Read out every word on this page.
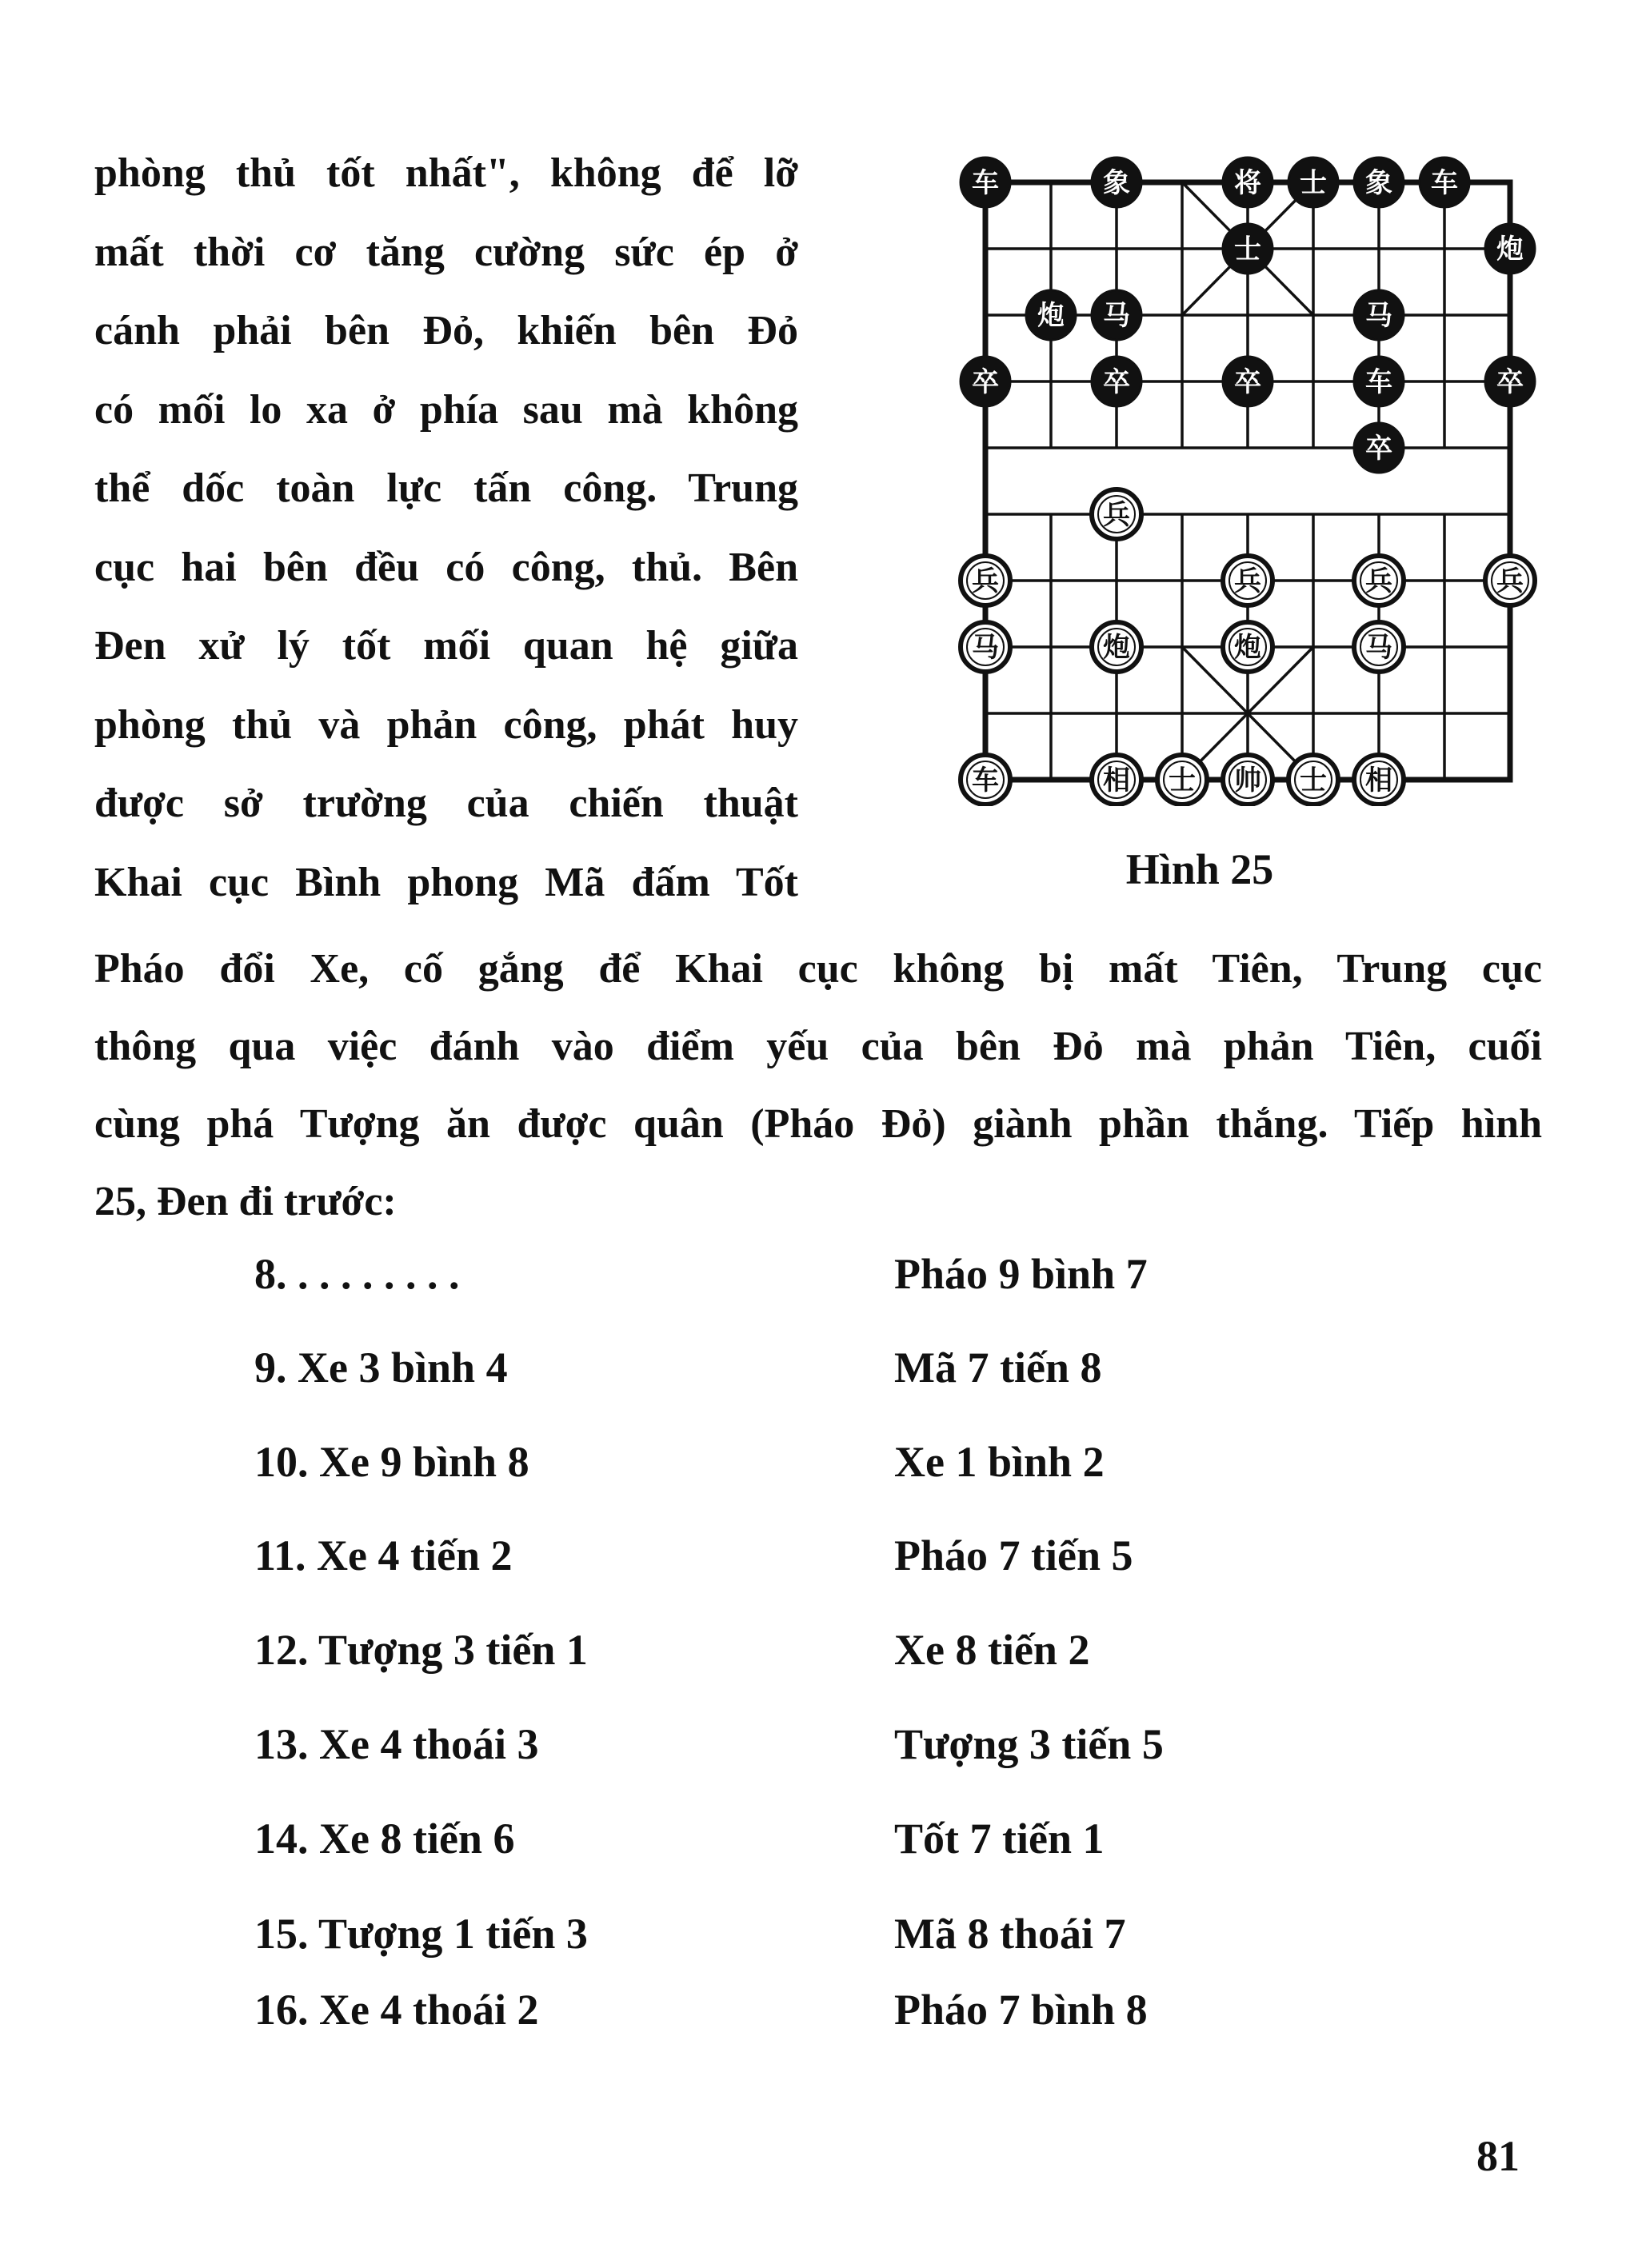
phòng thủ tốt nhất", không để lỡ
mất thời cơ tăng cường sức ép ở
cánh phải bên Đỏ, khiến bên Đỏ
có mối lo xa ở phía sau mà không
thể dốc toàn lực tấn công. Trung
cục hai bên đều có công, thủ. Bên
Đen xử lý tốt mối quan hệ giữa
phòng thủ và phản công, phát huy
được sở trường của chiến thuật
Khai cục Bình phong Mã đấm Tốt
车	象	将 士 象 车
士	炮
炮 马	马
卒	卒	卒	车	卒
卒
兵
兵	兵	兵	兵
马	炮	炮	马
车	相 士 帅 士 相
Hình 25
Pháo đổi Xe, cố gắng để Khai cục không bị mất Tiên, Trung cục
thông qua việc đánh vào điểm yếu của bên Đỏ mà phản Tiên, cuối
cùng phá Tượng ăn được quân (Pháo Đỏ) giành phần thắng. Tiếp hình
25, Đen đi trước:
8. . . . . . . . .	Pháo 9 bình 7
9. Xe 3 bình 4	Mã 7 tiến 8
10. Xe 9 bình 8	Xe 1 bình 2
11. Xe 4 tiến 2	Pháo 7 tiến 5
12. Tượng 3 tiến 1	Xe 8 tiến 2
13. Xe 4 thoái 3	Tượng 3 tiến 5
14. Xe 8 tiến 6	Tốt 7 tiến 1
15. Tượng 1 tiến 3	Mã 8 thoái 7
16. Xe 4 thoái 2	Pháo 7 bình 8
81
